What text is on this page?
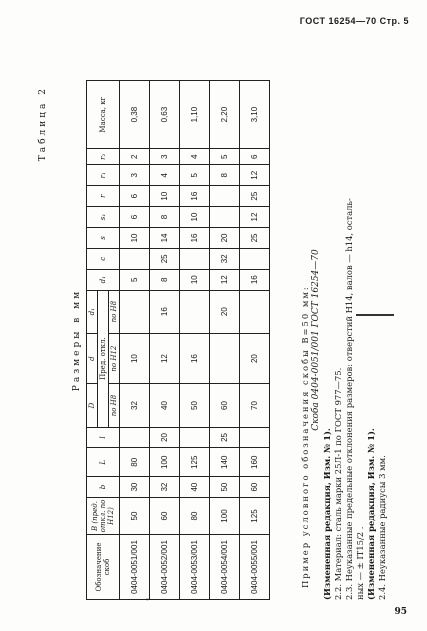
ГОСТ 16254—70 Стр. 5
95
ᶜ
Таблица 2
Размеры в мм
Обозначение скоб	B (пред. откл. по H12)	b	L	l	D	d	d₁	d₁	c	s	s₁	r	r₁	r₂	Масса, кг
					Пред. откл.										
					по H8	по H12	по H8								
0404-0051/001	50	30	80		32	10		5		10	6	6	3	2	0,38
0404-0052/001	60	32	100	20	40	12	16	8	25	14	8	10	4	3	0,63
0404-0053/001	80	40	125		50	16		10		16	10	16	5	4	1,10
0404-0054/001	100	50	140	25	60		20	12	32	20			8	5	2,20
0404-0055/001	125	60	160		70	20		16		25	12	25	12	6	3,10

Пример условного обозначения скобы B=50 мм: Скоба 0404-0051/001 ГОСТ 16254—70

(Измененная редакция, Изм. № 1). 2.2. Материал: сталь марки 25Л-1 по ГОСТ 977—75. 2.3. Неуказанные предельные отклонения размеров: отверстий H14, валов — h14, осталь- ных — ± IT15/2 . (Измененная редакция, Изм. № 1). 2.4. Неуказанные радиусы 3 мм.
